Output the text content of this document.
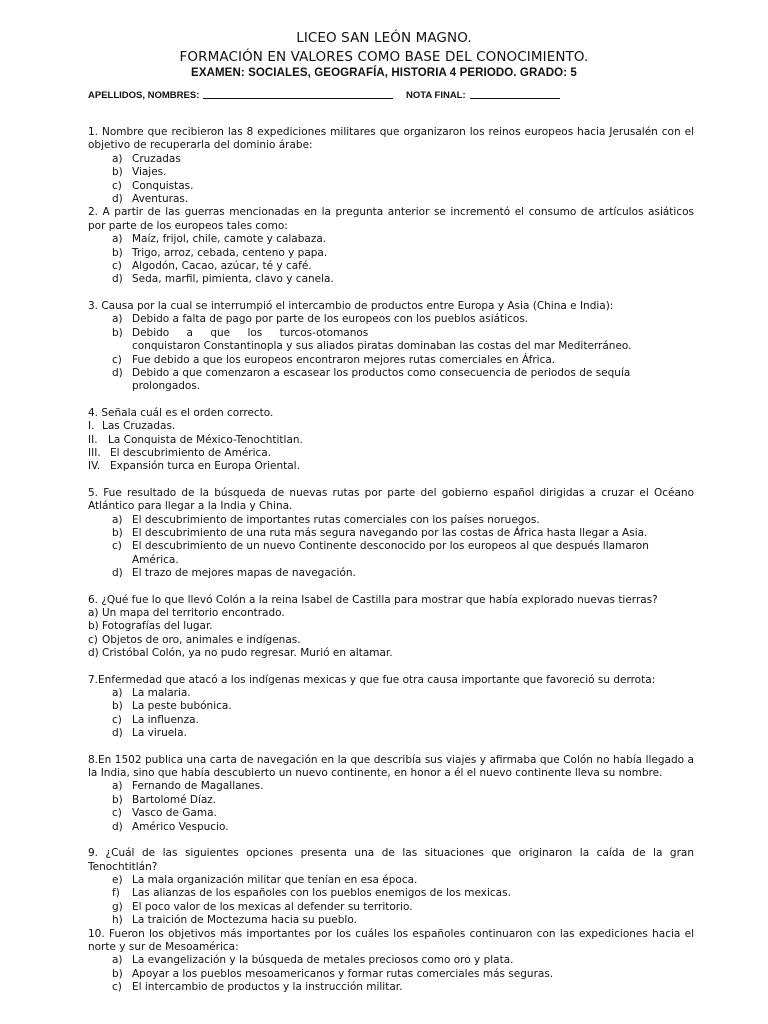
LICEO SAN LEÓN MAGNO.
FORMACIÓN EN VALORES COMO BASE DEL CONOCIMIENTO.
EXAMEN: SOCIALES, GEOGRAFÍA, HISTORIA 4 PERIODO. GRADO: 5
APELLIDOS, NOMBRES:	NOTA FINAL:
1. Nombre que recibieron las 8 expediciones militares que organizaron los reinos europeos hacia Jerusalén con el objetivo de recuperarla del dominio árabe:
a) Cruzadas
b) Viajes.
c) Conquistas.
d) Aventuras.
2. A partir de las guerras mencionadas en la pregunta anterior se incrementó el consumo de artículos asiáticos por parte de los europeos tales como:
a) Maíz, frijol, chile, camote y calabaza.
b) Trigo, arroz, cebada, centeno y papa.
c) Algodón, Cacao, azúcar, té y café.
d) Seda, marfil, pimienta, clavo y canela.
3. Causa por la cual se interrumpió el intercambio de productos entre Europa y Asia (China e India):
a) Debido a falta de pago por parte de los europeos con los pueblos asiáticos.
b) Debido a que los turcos-otomanos
conquistaron Constantinopla y sus aliados piratas dominaban las costas del mar Mediterráneo.
c) Fue debido a que los europeos encontraron mejores rutas comerciales en África.
d) Debido a que comenzaron a escasear los productos como consecuencia de periodos de sequía prolongados.
4. Señala cuál es el orden correcto.
I. Las Cruzadas.
II. La Conquista de México-Tenochtitlan.
III. El descubrimiento de América.
IV. Expansión turca en Europa Oriental.
5. Fue resultado de la búsqueda de nuevas rutas por parte del gobierno español dirigidas a cruzar el Océano Atlántico para llegar a la India y China.
a) El descubrimiento de importantes rutas comerciales con los países noruegos.
b) El descubrimiento de una ruta más segura navegando por las costas de África hasta llegar a Asia.
c) El descubrimiento de un nuevo Continente desconocido por los europeos al que después llamaron América.
d) El trazo de mejores mapas de navegación.
6. ¿Qué fue lo que llevó Colón a la reina Isabel de Castilla para mostrar que había explorado nuevas tierras?
a) Un mapa del territorio encontrado.
b) Fotografías del lugar.
c) Objetos de oro, animales e indígenas.
d) Cristóbal Colón, ya no pudo regresar. Murió en altamar.
7.Enfermedad que atacó a los indígenas mexicas y que fue otra causa importante que favoreció su derrota:
a) La malaria.
b) La peste bubónica.
c) La influenza.
d) La viruela.
8.En 1502 publica una carta de navegación en la que describía sus viajes y afirmaba que Colón no había llegado a la India, sino que había descubierto un nuevo continente, en honor a él el nuevo continente lleva su nombre.
a) Fernando de Magallanes.
b) Bartolomé Díaz.
c) Vasco de Gama.
d) Américo Vespucio.
9. ¿Cuál de las siguientes opciones presenta una de las situaciones que originaron la caída de la gran Tenochtitlán?
e) La mala organización militar que tenían en esa época.
f)	Las alianzas de los españoles con los pueblos enemigos de los mexicas.
g) El poco valor de los mexicas al defender su territorio.
h) La traición de Moctezuma hacia su pueblo.
10. Fueron los objetivos más importantes por los cuáles los españoles continuaron con las expediciones hacia el norte y sur de Mesoamérica:
a) La evangelización y la búsqueda de metales preciosos como oro y plata.
b) Apoyar a los pueblos mesoamericanos y formar rutas comerciales más seguras.
c) El intercambio de productos y la instrucción militar.
